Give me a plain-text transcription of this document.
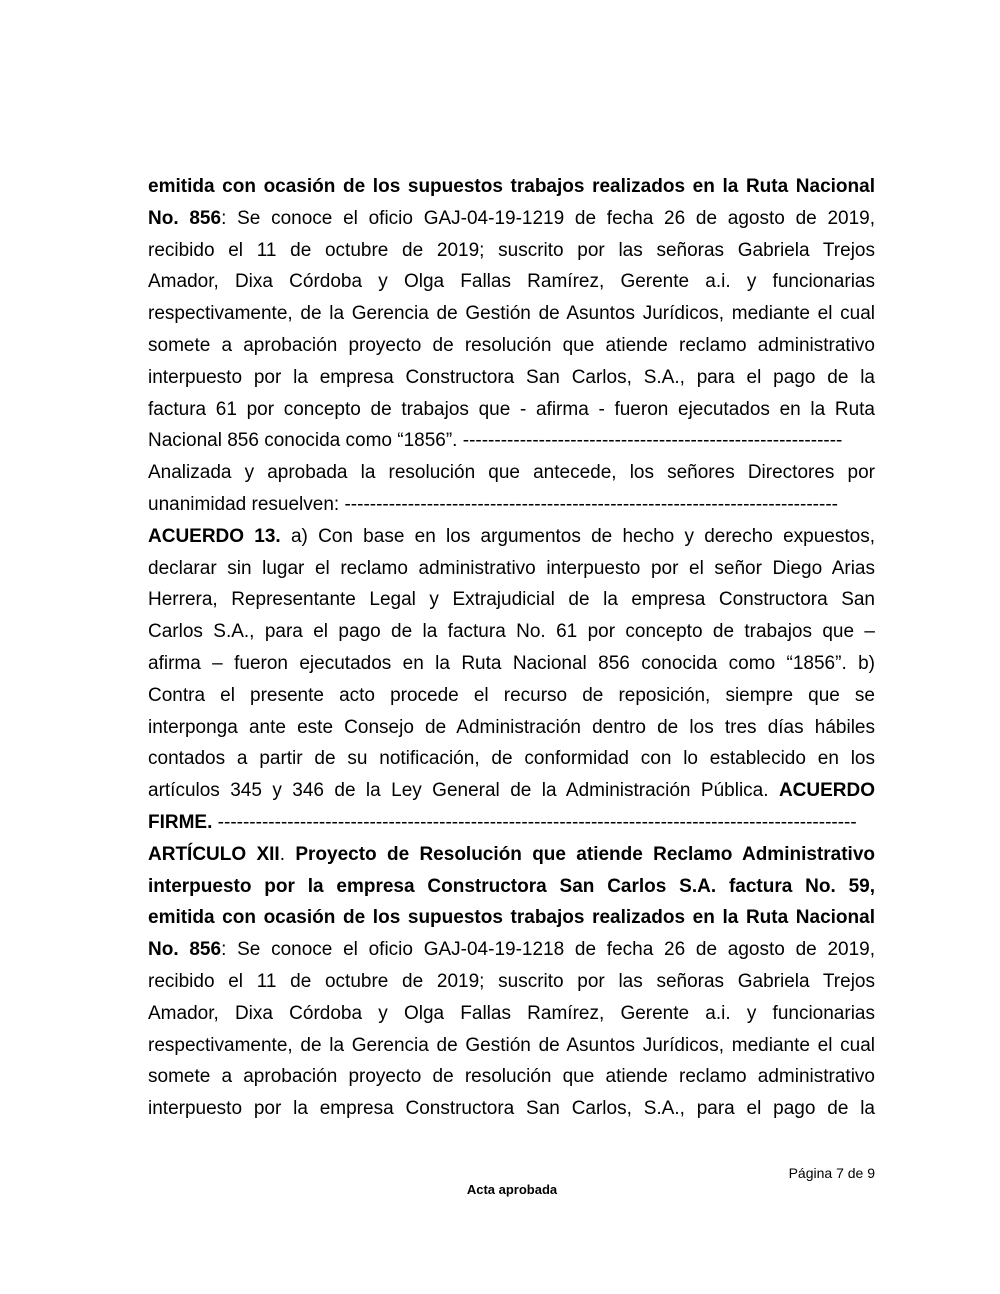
emitida con ocasión de los supuestos trabajos realizados en la Ruta Nacional
No. 856: Se conoce el oficio GAJ-04-19-1219 de fecha 26 de agosto de 2019,
recibido el 11 de octubre de 2019; suscrito por las señoras Gabriela Trejos
Amador, Dixa Córdoba y Olga Fallas Ramírez, Gerente a.i. y funcionarias
respectivamente, de la Gerencia de Gestión de Asuntos Jurídicos, mediante el cual
somete a aprobación proyecto de resolución que atiende reclamo administrativo
interpuesto por la empresa Constructora San Carlos, S.A., para el pago de la
factura 61 por concepto de trabajos que - afirma - fueron ejecutados en la Ruta
Nacional 856 conocida como “1856”. ------------------------------------------------------------
Analizada y aprobada la resolución que antecede, los señores Directores por
unanimidad resuelven: ------------------------------------------------------------------------------
ACUERDO 13. a) Con base en los argumentos de hecho y derecho expuestos,
declarar sin lugar el reclamo administrativo interpuesto por el señor Diego Arias
Herrera, Representante Legal y Extrajudicial de la empresa Constructora San
Carlos S.A., para el pago de la factura No. 61 por concepto de trabajos que –
afirma – fueron ejecutados en la Ruta Nacional 856 conocida como “1856”. b)
Contra el presente acto procede el recurso de reposición, siempre que se
interponga ante este Consejo de Administración dentro de los tres días hábiles
contados a partir de su notificación, de conformidad con lo establecido en los
artículos 345 y 346 de la Ley General de la Administración Pública. ACUERDO
FIRME. -----------------------------------------------------------------------------------------------------
ARTÍCULO XII. Proyecto de Resolución que atiende Reclamo Administrativo
interpuesto por la empresa Constructora San Carlos S.A. factura No. 59,
emitida con ocasión de los supuestos trabajos realizados en la Ruta Nacional
No. 856: Se conoce el oficio GAJ-04-19-1218 de fecha 26 de agosto de 2019,
recibido el 11 de octubre de 2019; suscrito por las señoras Gabriela Trejos
Amador, Dixa Córdoba y Olga Fallas Ramírez, Gerente a.i. y funcionarias
respectivamente, de la Gerencia de Gestión de Asuntos Jurídicos, mediante el cual
somete a aprobación proyecto de resolución que atiende reclamo administrativo
interpuesto por la empresa Constructora San Carlos, S.A., para el pago de la
Página 7 de 9
Acta aprobada
